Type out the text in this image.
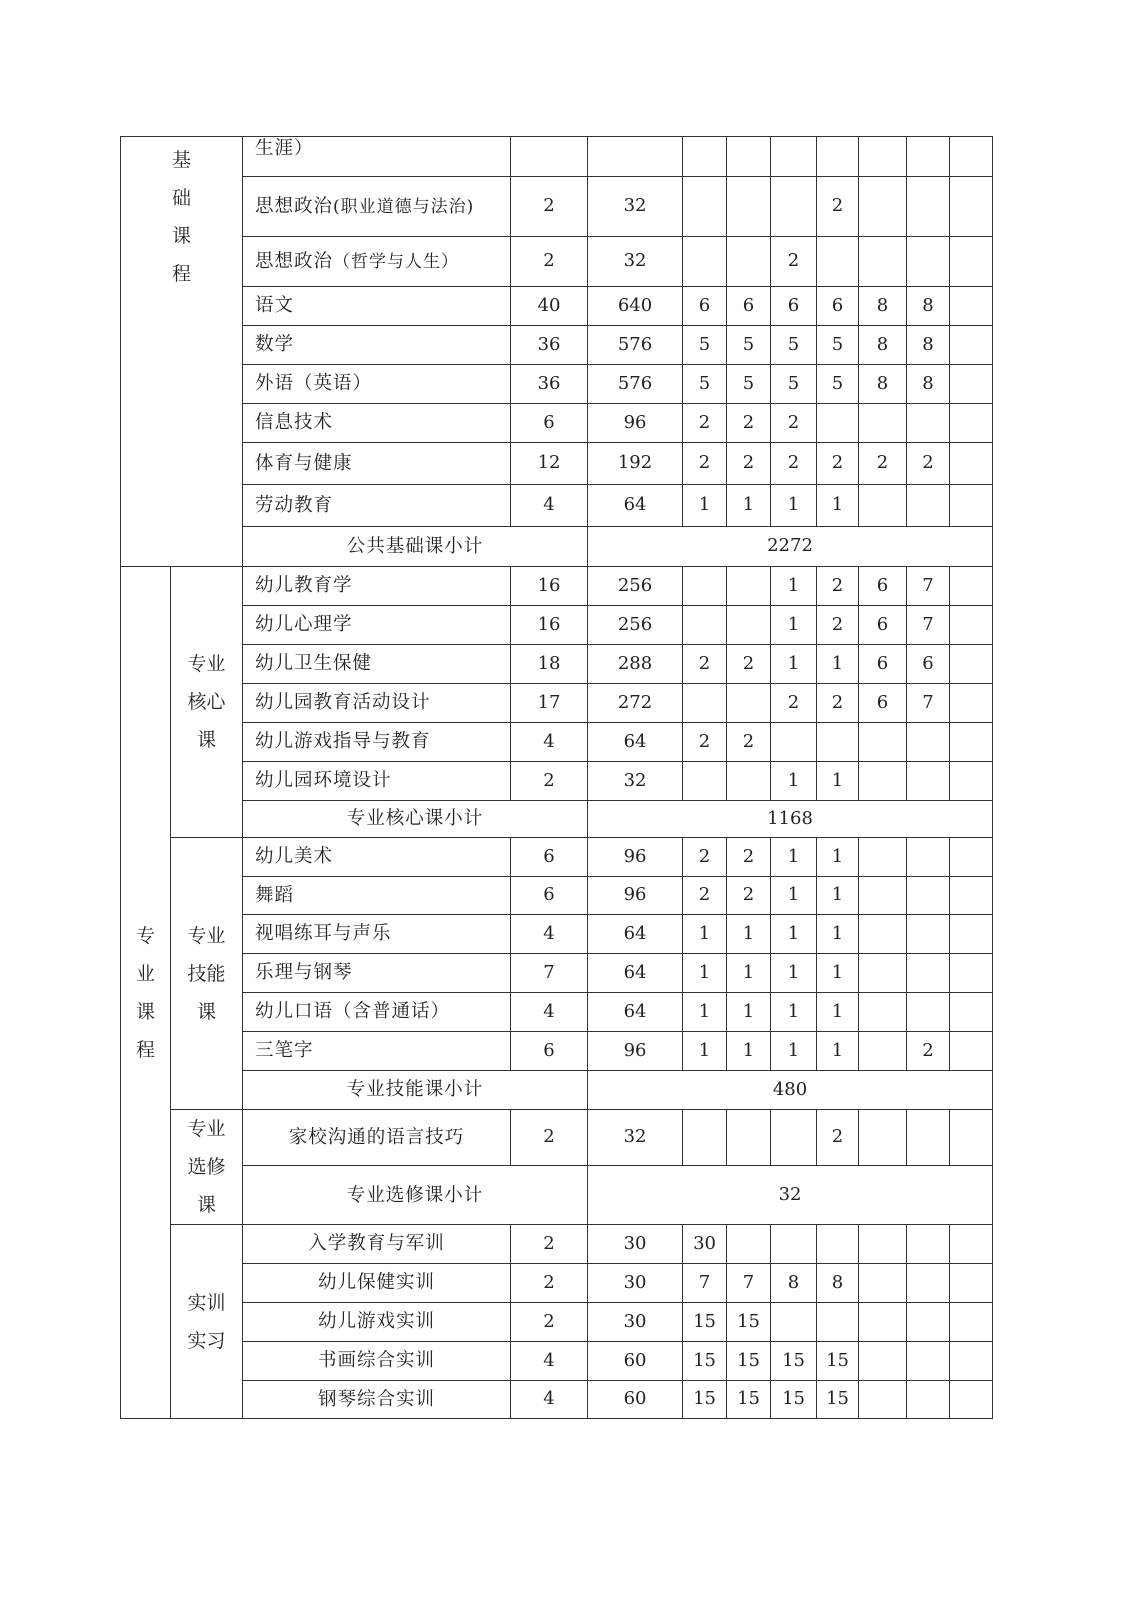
基
础
课
程		生涯）									
		思想政治(职业道德与法治)	2	32				2			
		思想政治（哲学与人生）	2	32			2				
		语文	40	640	6	6	6	6	8	8	
		数学	36	576	5	5	5	5	8	8	
		外语（英语）	36	576	5	5	5	5	8	8	
		信息技术	6	96	2	2	2				
		体育与健康	12	192	2	2	2	2	2	2	
		劳动教育	4	64	1	1	1	1			
		公共基础课小计		2272							

专
业
课
程	专业
核心
课	幼儿教育学	16	256			1	2	6	7	
		幼儿心理学	16	256			1	2	6	7	
		幼儿卫生保健	18	288	2	2	1	1	6	6	
		幼儿园教育活动设计	17	272			2	2	6	7	
		幼儿游戏指导与教育	4	64	2	2					
		幼儿园环境设计	2	32			1	1			
		专业核心课小计		1168							

	专业
技能
课	幼儿美术	6	96	2	2	1	1			
		舞蹈	6	96	2	2	1	1			
		视唱练耳与声乐	4	64	1	1	1	1			
		乐理与钢琴	7	64	1	1	1	1			
		幼儿口语（含普通话）	4	64	1	1	1	1			
		三笔字	6	96	1	1	1	1		2	
		专业技能课小计		480							

	专业
选修
课	家校沟通的语言技巧	2	32				2			
		专业选修课小计		32							

	实训
实习	入学教育与军训	2	30	30						
		幼儿保健实训	2	30	7	7	8	8			
		幼儿游戏实训	2	30	15	15					
		书画综合实训	4	60	15	15	15	15			
		钢琴综合实训	4	60	15	15	15	15			
